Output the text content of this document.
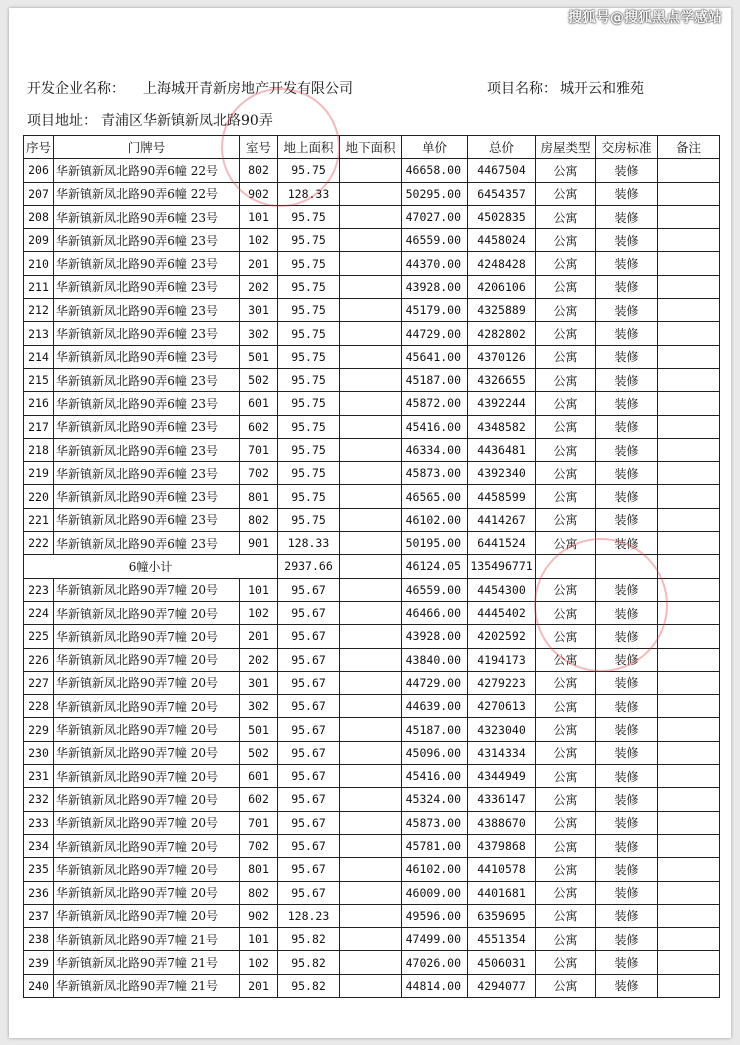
开发企业名称： 上海城开青新房地产开发有限公司	项目名称： 城开云和雅苑
项目地址： 青浦区华新镇新凤北路90弄
序号	门牌号	室号	地上面积	地下面积	单价	总价	房屋类型	交房标准	备注
206	华新镇新凤北路90弄6幢 22号	802	95.75		46658.00	4467504	公寓	装修	
207	华新镇新凤北路90弄6幢 22号	902	128.33		50295.00	6454357	公寓	装修	
208	华新镇新凤北路90弄6幢 23号	101	95.75		47027.00	4502835	公寓	装修	
209	华新镇新凤北路90弄6幢 23号	102	95.75		46559.00	4458024	公寓	装修	
210	华新镇新凤北路90弄6幢 23号	201	95.75		44370.00	4248428	公寓	装修	
211	华新镇新凤北路90弄6幢 23号	202	95.75		43928.00	4206106	公寓	装修	
212	华新镇新凤北路90弄6幢 23号	301	95.75		45179.00	4325889	公寓	装修	
213	华新镇新凤北路90弄6幢 23号	302	95.75		44729.00	4282802	公寓	装修	
214	华新镇新凤北路90弄6幢 23号	501	95.75		45641.00	4370126	公寓	装修	
215	华新镇新凤北路90弄6幢 23号	502	95.75		45187.00	4326655	公寓	装修	
216	华新镇新凤北路90弄6幢 23号	601	95.75		45872.00	4392244	公寓	装修	
217	华新镇新凤北路90弄6幢 23号	602	95.75		45416.00	4348582	公寓	装修	
218	华新镇新凤北路90弄6幢 23号	701	95.75		46334.00	4436481	公寓	装修	
219	华新镇新凤北路90弄6幢 23号	702	95.75		45873.00	4392340	公寓	装修	
220	华新镇新凤北路90弄6幢 23号	801	95.75		46565.00	4458599	公寓	装修	
221	华新镇新凤北路90弄6幢 23号	802	95.75		46102.00	4414267	公寓	装修	
222	华新镇新凤北路90弄6幢 23号	901	128.33		50195.00	6441524	公寓	装修	
6幢小计			2937.66		46124.05	135496771			
223	华新镇新凤北路90弄7幢 20号	101	95.67		46559.00	4454300	公寓	装修	
224	华新镇新凤北路90弄7幢 20号	102	95.67		46466.00	4445402	公寓	装修	
225	华新镇新凤北路90弄7幢 20号	201	95.67		43928.00	4202592	公寓	装修	
226	华新镇新凤北路90弄7幢 20号	202	95.67		43840.00	4194173	公寓	装修	
227	华新镇新凤北路90弄7幢 20号	301	95.67		44729.00	4279223	公寓	装修	
228	华新镇新凤北路90弄7幢 20号	302	95.67		44639.00	4270613	公寓	装修	
229	华新镇新凤北路90弄7幢 20号	501	95.67		45187.00	4323040	公寓	装修	
230	华新镇新凤北路90弄7幢 20号	502	95.67		45096.00	4314334	公寓	装修	
231	华新镇新凤北路90弄7幢 20号	601	95.67		45416.00	4344949	公寓	装修	
232	华新镇新凤北路90弄7幢 20号	602	95.67		45324.00	4336147	公寓	装修	
233	华新镇新凤北路90弄7幢 20号	701	95.67		45873.00	4388670	公寓	装修	
234	华新镇新凤北路90弄7幢 20号	702	95.67		45781.00	4379868	公寓	装修	
235	华新镇新凤北路90弄7幢 20号	801	95.67		46102.00	4410578	公寓	装修	
236	华新镇新凤北路90弄7幢 20号	802	95.67		46009.00	4401681	公寓	装修	
237	华新镇新凤北路90弄7幢 20号	902	128.23		49596.00	6359695	公寓	装修	
238	华新镇新凤北路90弄7幢 21号	101	95.82		47499.00	4551354	公寓	装修	
239	华新镇新凤北路90弄7幢 21号	102	95.82		47026.00	4506031	公寓	装修	
240	华新镇新凤北路90弄7幢 21号	201	95.82		44814.00	4294077	公寓	装修	
搜狐号@搜狐黑点学感站
